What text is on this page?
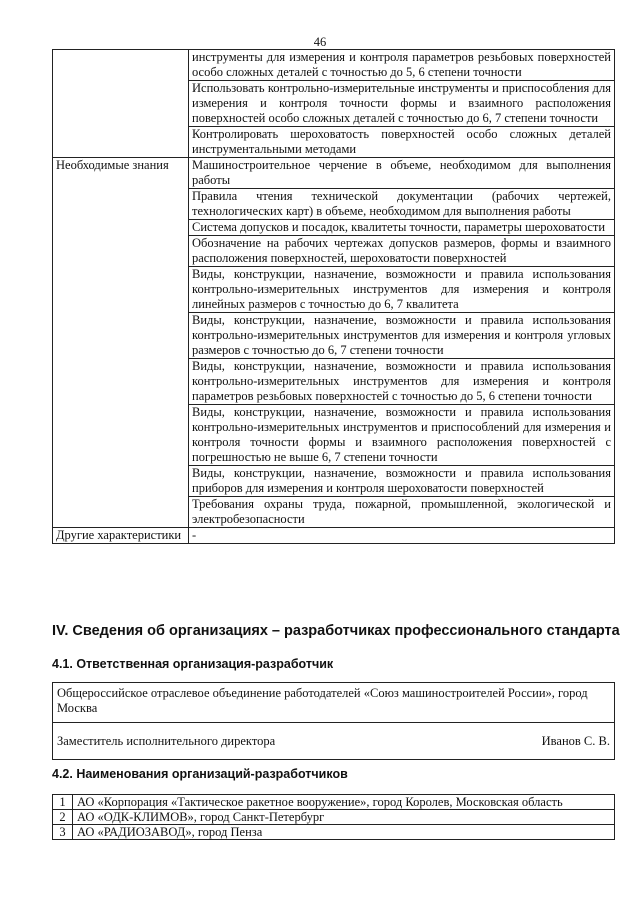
46
	инструменты для измерения и контроля параметров резьбовых поверхностей особо сложных деталей с точностью до 5, 6 степени точности
	Использовать контрольно-измерительные инструменты и приспособления для измерения и контроля точности формы и взаимного расположения поверхностей особо сложных деталей с точностью до 6, 7 степени точности
	Контролировать шероховатость поверхностей особо сложных деталей инструментальными методами
Необходимые знания	Машиностроительное черчение в объеме, необходимом для выполнения работы
	Правила чтения технической документации (рабочих чертежей, технологических карт) в объеме, необходимом для выполнения работы
	Система допусков и посадок, квалитеты точности, параметры шероховатости
	Обозначение на рабочих чертежах допусков размеров, формы и взаимного расположения поверхностей, шероховатости поверхностей
	Виды, конструкции, назначение, возможности и правила использования контрольно-измерительных инструментов для измерения и контроля линейных размеров с точностью до 6, 7 квалитета
	Виды, конструкции, назначение, возможности и правила использования контрольно-измерительных инструментов для измерения и контроля угловых размеров с точностью до 6, 7 степени точности
	Виды, конструкции, назначение, возможности и правила использования контрольно-измерительных инструментов для измерения и контроля параметров резьбовых поверхностей с точностью до 5, 6 степени точности
	Виды, конструкции, назначение, возможности и правила использования контрольно-измерительных инструментов и приспособлений для измерения и контроля точности формы и взаимного расположения поверхностей с погрешностью не выше 6, 7 степени точности
	Виды, конструкции, назначение, возможности и правила использования приборов для измерения и контроля шероховатости поверхностей
	Требования охраны труда, пожарной, промышленной, экологической и электробезопасности
Другие характеристики	-
IV. Сведения об организациях – разработчиках профессионального стандарта
4.1. Ответственная организация-разработчик
Общероссийское отраслевое объединение работодателей «Союз машиностроителей России», город Москва

Заместитель исполнительного директора	Иванов С. В.
4.2. Наименования организаций-разработчиков
1	АО «Корпорация «Тактическое ракетное вооружение», город Королев, Московская область
2	АО «ОДК-КЛИМОВ», город Санкт-Петербург
3	АО «РАДИОЗАВОД», город Пенза
